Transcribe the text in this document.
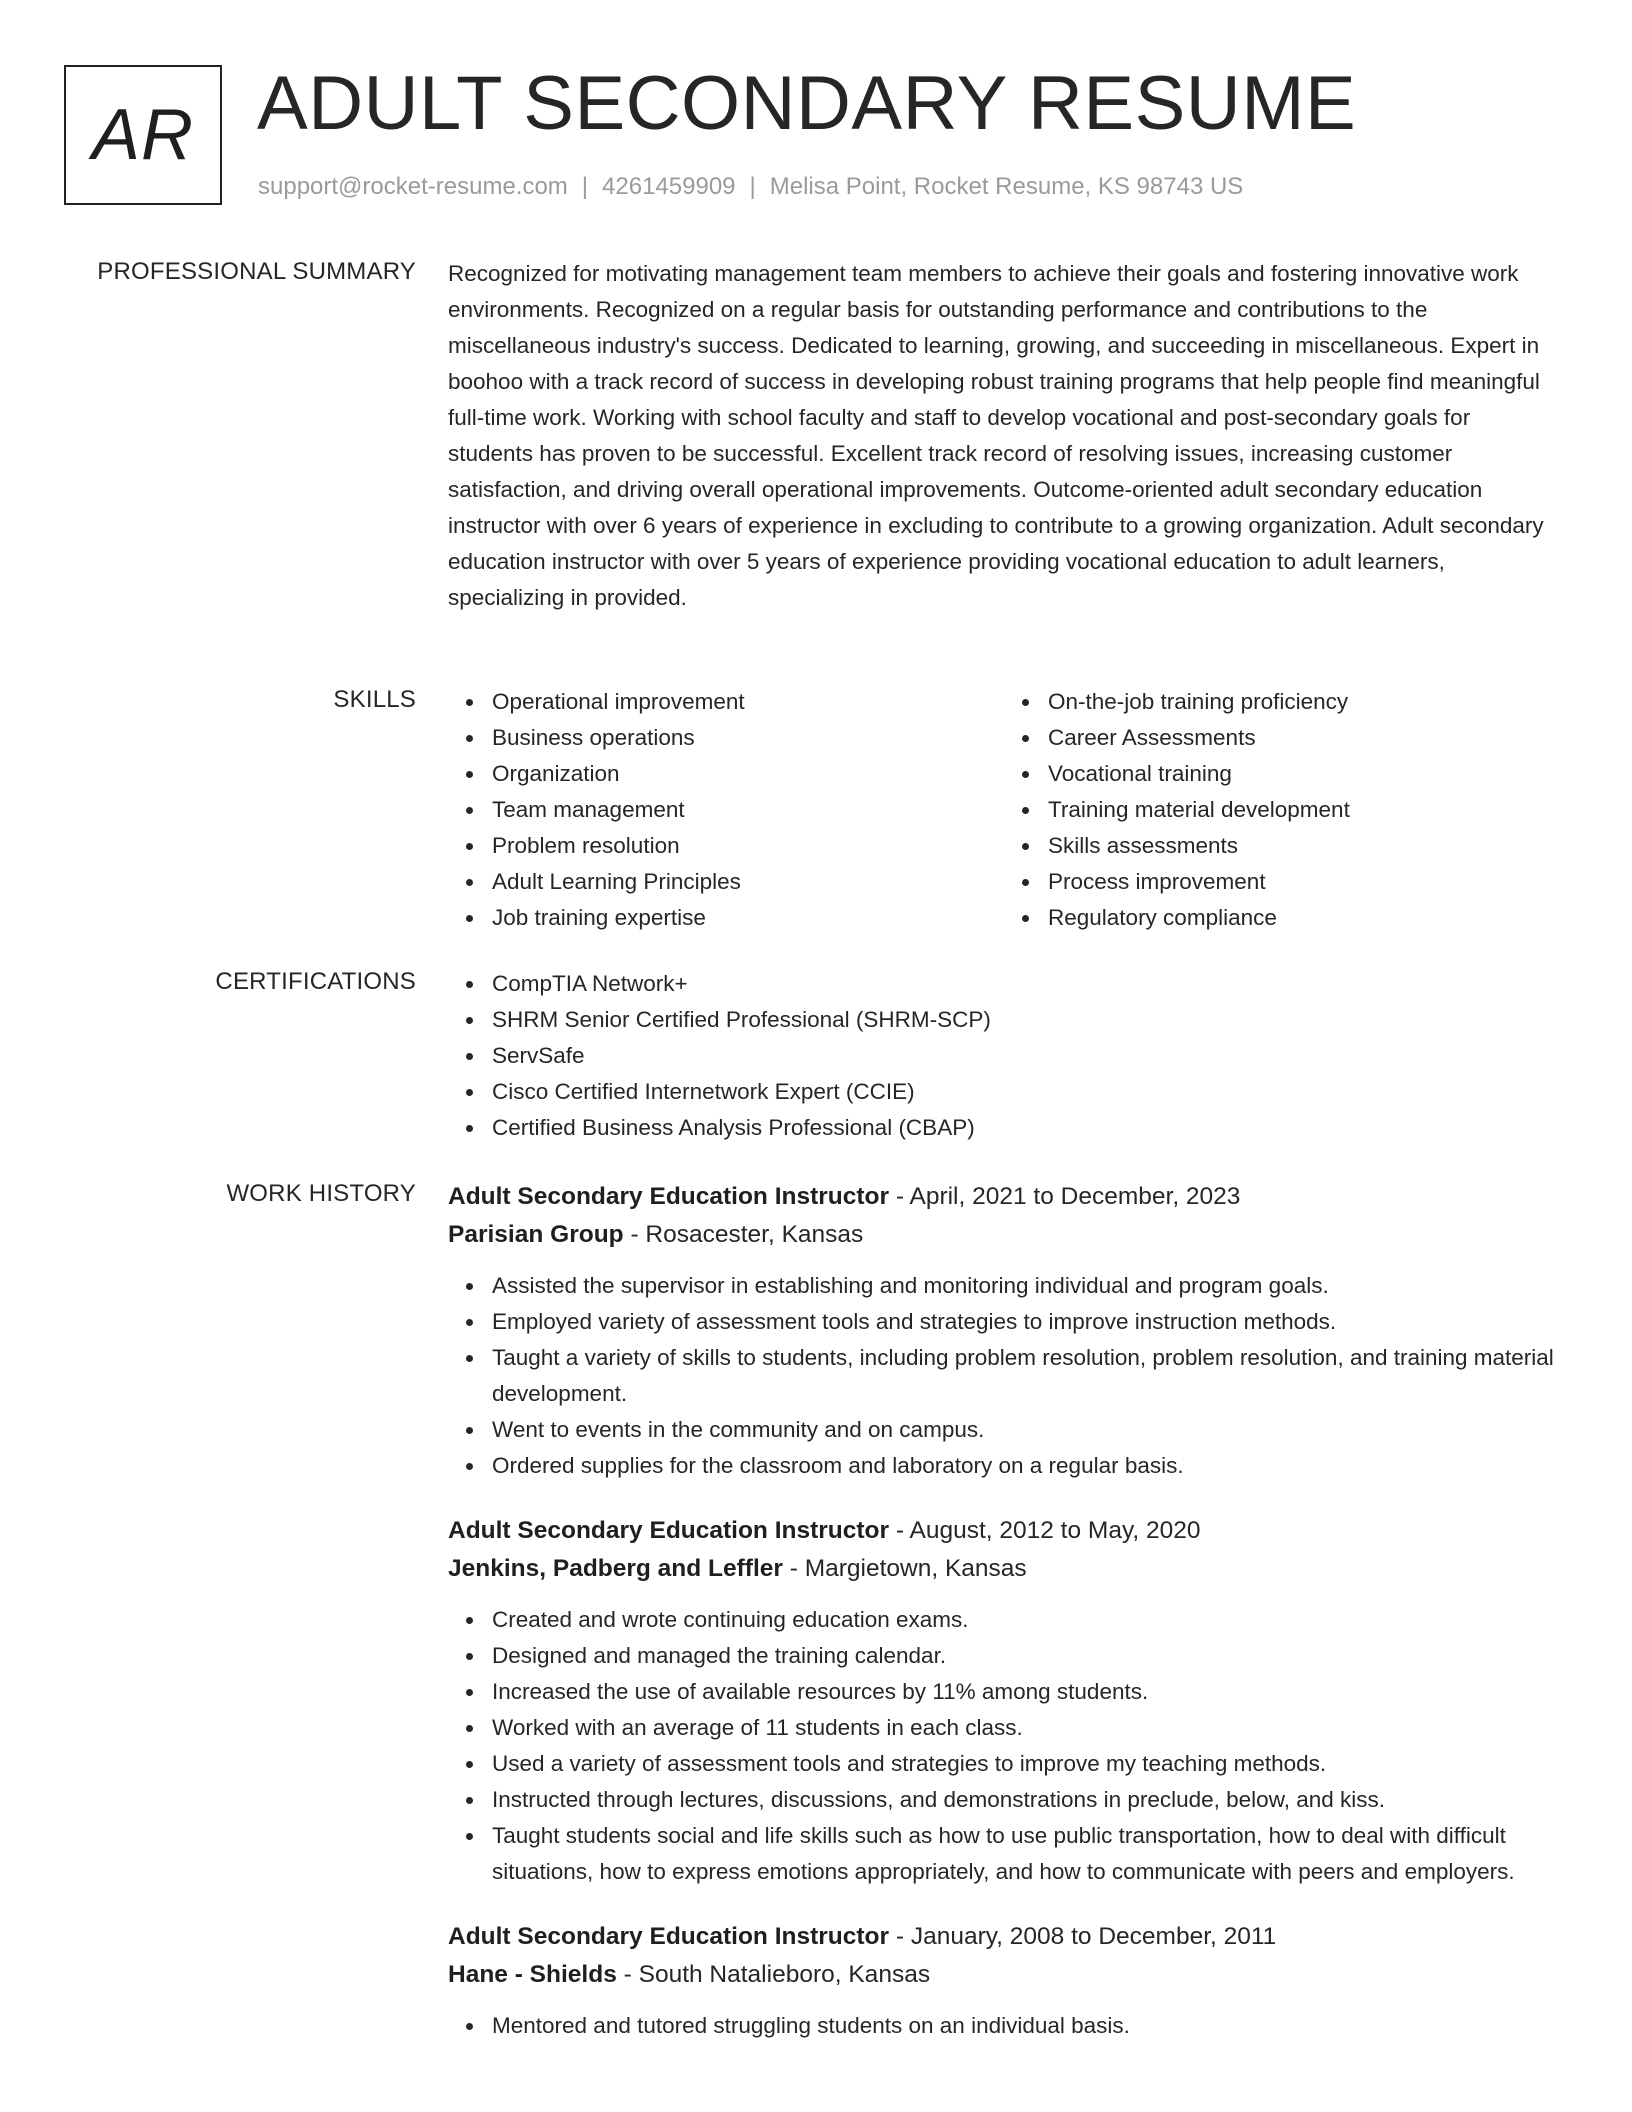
AR ADULT SECONDARY RESUME
support@rocket-resume.com | 4261459909 | Melisa Point, Rocket Resume, KS 98743 US
PROFESSIONAL SUMMARY Recognized for motivating management team members to achieve their goals and fostering innovative work environments. Recognized on a regular basis for outstanding performance and contributions to the miscellaneous industry's success. Dedicated to learning, growing, and succeeding in miscellaneous. Expert in boohoo with a track record of success in developing robust training programs that help people find meaningful full-time work. Working with school faculty and staff to develop vocational and post-secondary goals for students has proven to be successful. Excellent track record of resolving issues, increasing customer satisfaction, and driving overall operational improvements. Outcome-oriented adult secondary education instructor with over 6 years of experience in excluding to contribute to a growing organization. Adult secondary education instructor with over 5 years of experience providing vocational education to adult learners, specializing in provided.

SKILLS	Operational improvement
Business operations
Organization
Team management
Problem resolution
Adult Learning Principles
Job training expertise
On-the-job training proficiency
Career Assessments
Vocational training
Training material development
Skills assessments
Process improvement
Regulatory compliance
CERTIFICATIONS	CompTIA Network+
SHRM Senior Certified Professional (SHRM-SCP)
ServSafe
Cisco Certified Internetwork Expert (CCIE)
Certified Business Analysis Professional (CBAP)
WORK HISTORY Adult Secondary Education Instructor - April, 2021 to December, 2023
Parisian Group - Rosacester, Kansas
Assisted the supervisor in establishing and monitoring individual and program goals.
Employed variety of assessment tools and strategies to improve instruction methods.
Taught a variety of skills to students, including problem resolution, problem resolution, and training material development.
Went to events in the community and on campus.
Ordered supplies for the classroom and laboratory on a regular basis.
Adult Secondary Education Instructor - August, 2012 to May, 2020
Jenkins, Padberg and Leffler - Margietown, Kansas
Created and wrote continuing education exams.
Designed and managed the training calendar.
Increased the use of available resources by 11% among students.
Worked with an average of 11 students in each class.
Used a variety of assessment tools and strategies to improve my teaching methods.
Instructed through lectures, discussions, and demonstrations in preclude, below, and kiss.
Taught students social and life skills such as how to use public transportation, how to deal with difficult situations, how to express emotions appropriately, and how to communicate with peers and employers.
Adult Secondary Education Instructor - January, 2008 to December, 2011
Hane - Shields - South Natalieboro, Kansas
Mentored and tutored struggling students on an individual basis.
